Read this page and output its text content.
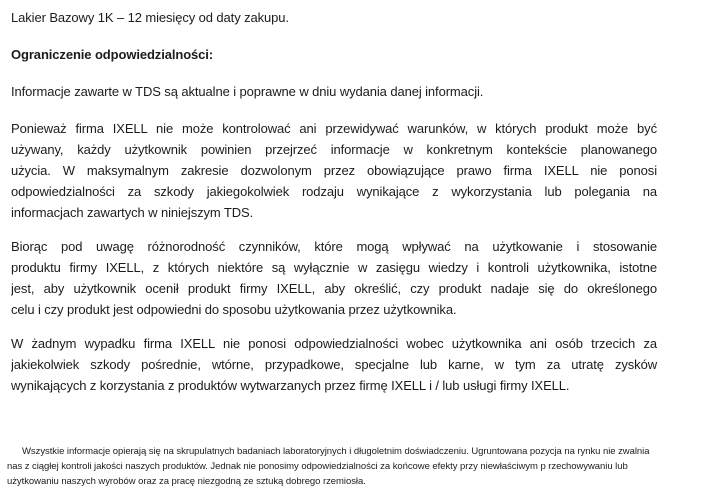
Lakier Bazowy 1K – 12 miesięcy od daty zakupu.
Ograniczenie odpowiedzialności:
Informacje zawarte w TDS są aktualne i poprawne w dniu wydania danej informacji.
Ponieważ firma IXELL nie może kontrolować ani przewidywać warunków, w których produkt może być
używany, każdy użytkownik powinien przejrzeć informacje w konkretnym kontekście planowanego
użycia. W maksymalnym zakresie dozwolonym przez obowiązujące prawo firma IXELL nie ponosi
odpowiedzialności za szkody jakiegokolwiek rodzaju wynikające z wykorzystania lub polegania na
informacjach zawartych w niniejszym TDS.
Biorąc pod uwagę różnorodność czynników, które mogą wpływać na użytkowanie i stosowanie
produktu firmy IXELL, z których niektóre są wyłącznie w zasięgu wiedzy i kontroli użytkownika, istotne
jest, aby użytkownik ocenił produkt firmy IXELL, aby określić, czy produkt nadaje się do określonego
celu i czy produkt jest odpowiedni do sposobu użytkowania przez użytkownika.
W żadnym wypadku firma IXELL nie ponosi odpowiedzialności wobec użytkownika ani osób trzecich za
jakiekolwiek szkody pośrednie, wtórne, przypadkowe, specjalne lub karne, w tym za utratę zysków
wynikających z korzystania z produktów wytwarzanych przez firmę IXELL i / lub usługi firmy IXELL.
Wszystkie informacje opierają się na skrupulatnych badaniach laboratoryjnych i długoletnim doświadczeniu. Ugruntowana pozycja na rynku nie zwalnia
nas z ciągłej kontroli jakości naszych produktów. Jednak nie ponosimy odpowiedzialności za końcowe efekty przy niewłaściwym p rzechowywaniu lub
użytkowaniu naszych wyrobów oraz za pracę niezgodną ze sztuką dobrego rzemiosła.
